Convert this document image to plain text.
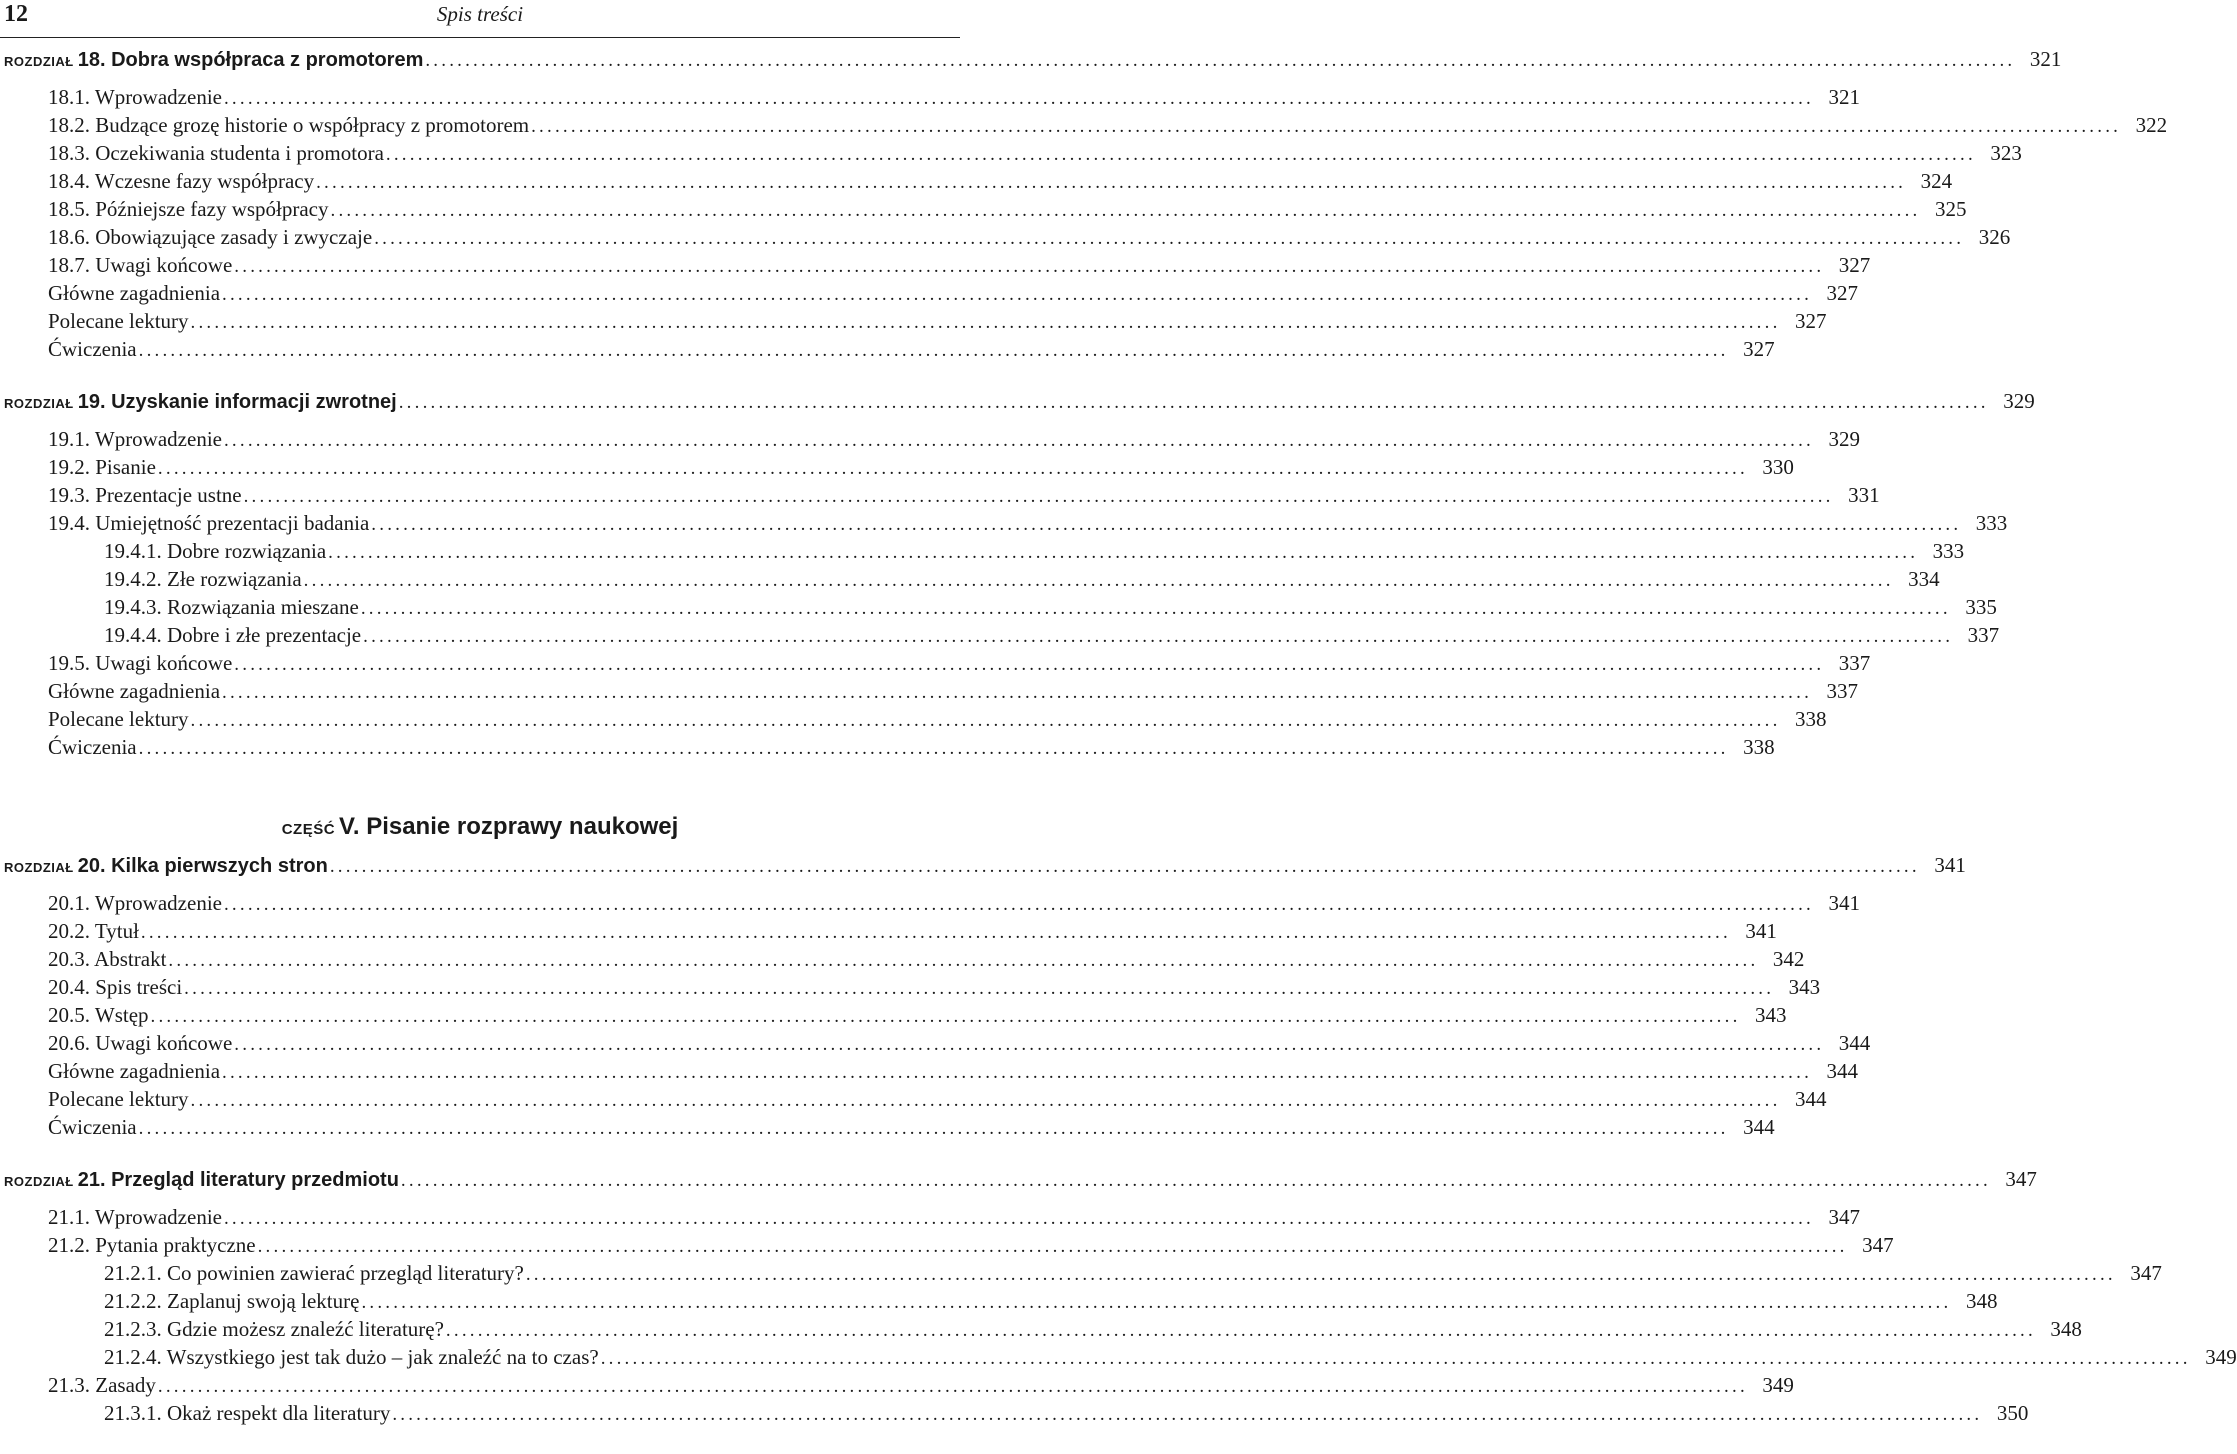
12	Spis treści
CZĘŚĆ V. Pisanie rozprawy naukowej
ROZDZIAŁ 18. Dobra współpraca z promotorem ........................................................................................................................................................................................................ 321
18.1. Wprowadzenie ........................................................................................................................................................................................................ 321
18.2. Budzące grozę historie o współpracy z promotorem ........................................................................................................................................................................................................ 322
18.3. Oczekiwania studenta i promotora ........................................................................................................................................................................................................ 323
18.4. Wczesne fazy współpracy ........................................................................................................................................................................................................ 324
18.5. Późniejsze fazy współpracy ........................................................................................................................................................................................................ 325
18.6. Obowiązujące zasady i zwyczaje ........................................................................................................................................................................................................ 326
18.7. Uwagi końcowe ........................................................................................................................................................................................................ 327
Główne zagadnienia ........................................................................................................................................................................................................ 327
Polecane lektury ........................................................................................................................................................................................................ 327
Ćwiczenia ........................................................................................................................................................................................................ 327
ROZDZIAŁ 19. Uzyskanie informacji zwrotnej ........................................................................................................................................................................................................ 329
19.1. Wprowadzenie ........................................................................................................................................................................................................ 329
19.2. Pisanie ........................................................................................................................................................................................................ 330
19.3. Prezentacje ustne ........................................................................................................................................................................................................ 331
19.4. Umiejętność prezentacji badania ........................................................................................................................................................................................................ 333
19.4.1. Dobre rozwiązania ........................................................................................................................................................................................................ 333
19.4.2. Złe rozwiązania ........................................................................................................................................................................................................ 334
19.4.3. Rozwiązania mieszane ........................................................................................................................................................................................................ 335
19.4.4. Dobre i złe prezentacje ........................................................................................................................................................................................................ 337
19.5. Uwagi końcowe ........................................................................................................................................................................................................ 337
Główne zagadnienia ........................................................................................................................................................................................................ 337
Polecane lektury ........................................................................................................................................................................................................ 338
Ćwiczenia ........................................................................................................................................................................................................ 338
ROZDZIAŁ 20. Kilka pierwszych stron ........................................................................................................................................................................................................ 341
20.1. Wprowadzenie ........................................................................................................................................................................................................ 341
20.2. Tytuł ........................................................................................................................................................................................................ 341
20.3. Abstrakt ........................................................................................................................................................................................................ 342
20.4. Spis treści ........................................................................................................................................................................................................ 343
20.5. Wstęp ........................................................................................................................................................................................................ 343
20.6. Uwagi końcowe ........................................................................................................................................................................................................ 344
Główne zagadnienia ........................................................................................................................................................................................................ 344
Polecane lektury ........................................................................................................................................................................................................ 344
Ćwiczenia ........................................................................................................................................................................................................ 344
ROZDZIAŁ 21. Przegląd literatury przedmiotu ........................................................................................................................................................................................................ 347
21.1. Wprowadzenie ........................................................................................................................................................................................................ 347
21.2. Pytania praktyczne ........................................................................................................................................................................................................ 347
21.2.1. Co powinien zawierać przegląd literatury? ........................................................................................................................................................................................................ 347
21.2.2. Zaplanuj swoją lekturę ........................................................................................................................................................................................................ 348
21.2.3. Gdzie możesz znaleźć literaturę? ........................................................................................................................................................................................................ 348
21.2.4. Wszystkiego jest tak dużo – jak znaleźć na to czas? ........................................................................................................................................................................................................ 349
21.3. Zasady ........................................................................................................................................................................................................ 349
21.3.1. Okaż respekt dla literatury ........................................................................................................................................................................................................ 350
